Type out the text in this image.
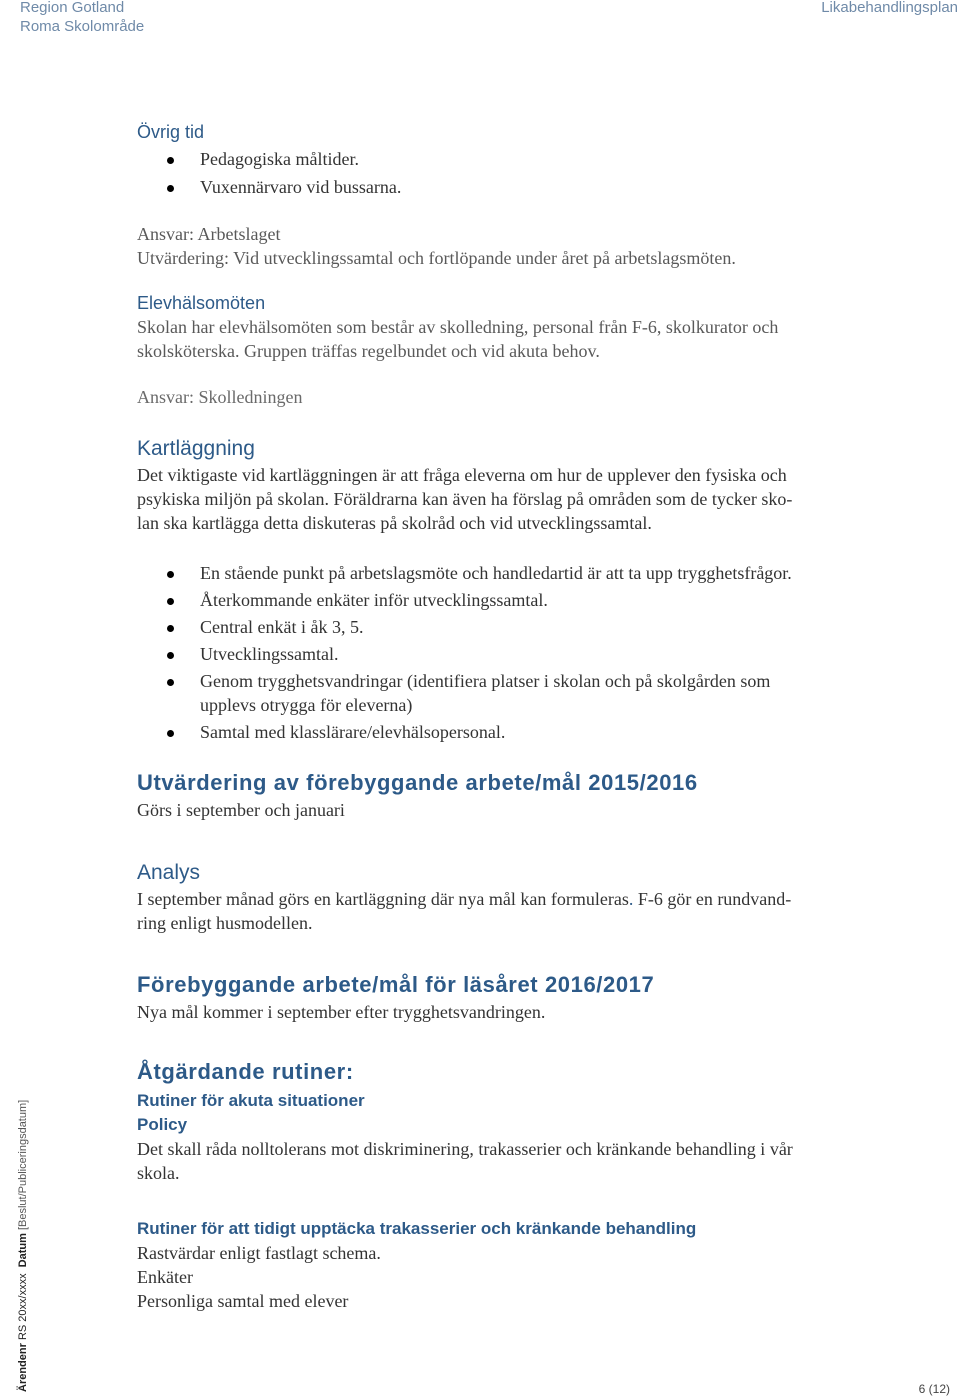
Region Gotland
Roma Skolområde
Likabehandlingsplan
Övrig tid
Pedagogiska måltider.
Vuxennärvaro vid bussarna.

Ansvar: Arbetslaget

Utvärdering: Vid utvecklingssamtal och fortlöpande under året på arbetslagsmöten.

Elevhälsomöten

Skolan har elevhälsomöten som består av skolledning, personal från F-6, skolkurator och

skolsköterska. Gruppen träffas regelbundet och vid akuta behov.

Ansvar: Skolledningen

Kartläggning

Det viktigaste vid kartläggningen är att fråga eleverna om hur de upplever den fysiska och

psykiska miljön på skolan. Föräldrarna kan även ha förslag på områden som de tycker sko-

lan ska kartlägga detta diskuteras på skolråd och vid utvecklingssamtal.

En stående punkt på arbetslagsmöte och handledartid är att ta upp trygghetsfrågor.
Återkommande enkäter inför utvecklingssamtal.
Central enkät i åk 3, 5.
Utvecklingssamtal.
Genom trygghetsvandringar (identifiera platser i skolan och på skolgården som
upplevs otrygga för eleverna)
Samtal med klasslärare/elevhälsopersonal.
Utvärdering av förebyggande arbete/mål 2015/2016

Görs i september och januari

Analys

I september månad görs en kartläggning där nya mål kan formuleras. F-6 gör en rundvand-

ring enligt husmodellen.

Förebyggande arbete/mål för läsåret 2016/2017

Nya mål kommer i september efter trygghetsvandringen.

Åtgärdande rutiner:
Rutiner för akuta situationer
Policy

Det skall råda nolltolerans mot diskriminering, trakasserier och kränkande behandling i vår

skola.

Rutiner för att tidigt upptäcka trakasserier och kränkande behandling

Rastvärdar enligt fastlagt schema.

Enkäter

Personliga samtal med elever

Ärendenr RS 20xx/xxxx Datum [Beslut/Publiceringsdatum]
6 (12)
